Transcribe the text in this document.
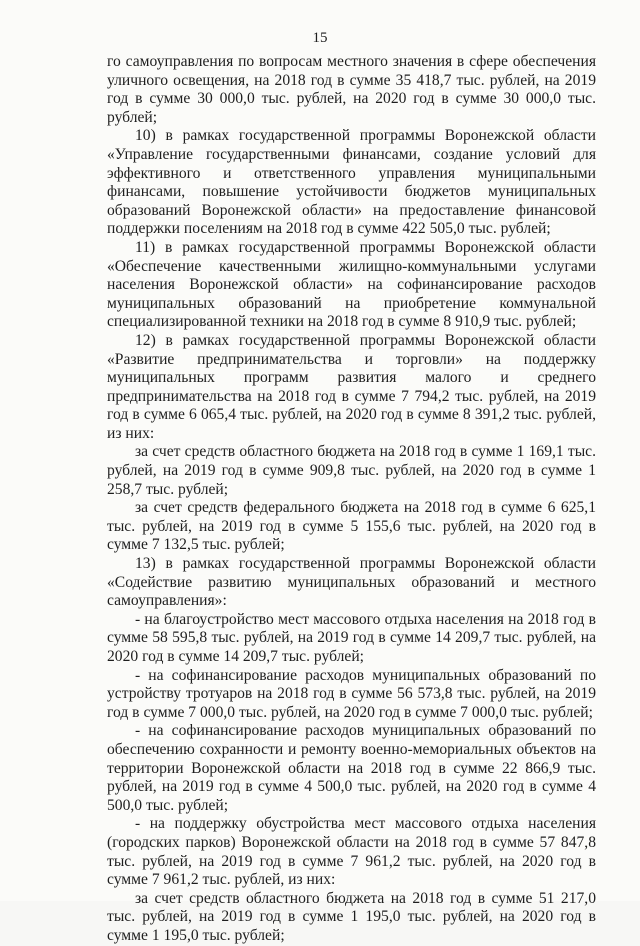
15

го самоуправления по вопросам местного значения в сфере обеспечения уличного освещения, на 2018 год в сумме 35 418,7 тыс. рублей, на 2019 год в сумме 30 000,0 тыс. рублей, на 2020 год в сумме 30 000,0 тыс. рублей;

10) в рамках государственной программы Воронежской области «Управление государственными финансами, создание условий для эффективного и ответственного управления муниципальными финансами, повышение устойчивости бюджетов муниципальных образований Воронежской области» на предоставление финансовой поддержки поселениям на 2018 год в сумме 422 505,0 тыс. рублей;

11) в рамках государственной программы Воронежской области «Обеспечение качественными жилищно-коммунальными услугами населения Воронежской области» на софинансирование расходов муниципальных образований на приобретение коммунальной специализированной техники на 2018 год в сумме 8 910,9 тыс. рублей;

12) в рамках государственной программы Воронежской области «Развитие предпринимательства и торговли» на поддержку муниципальных программ развития малого и среднего предпринимательства на 2018 год в сумме 7 794,2 тыс. рублей, на 2019 год в сумме 6 065,4 тыс. рублей, на 2020 год в сумме 8 391,2 тыс. рублей, из них:

за счет средств областного бюджета на 2018 год в сумме 1 169,1 тыс. рублей, на 2019 год в сумме 909,8 тыс. рублей, на 2020 год в сумме 1 258,7 тыс. рублей;

за счет средств федерального бюджета на 2018 год в сумме 6 625,1 тыс. рублей, на 2019 год в сумме 5 155,6 тыс. рублей, на 2020 год в сумме 7 132,5 тыс. рублей;

13) в рамках государственной программы Воронежской области «Содействие развитию муниципальных образований и местного самоуправления»:

- на благоустройство мест массового отдыха населения на 2018 год в сумме 58 595,8 тыс. рублей, на 2019 год в сумме 14 209,7 тыс. рублей, на 2020 год в сумме 14 209,7 тыс. рублей;

- на софинансирование расходов муниципальных образований по устройству тротуаров на 2018 год в сумме 56 573,8 тыс. рублей, на 2019 год в сумме 7 000,0 тыс. рублей, на 2020 год в сумме 7 000,0 тыс. рублей;

- на софинансирование расходов муниципальных образований по обеспечению сохранности и ремонту военно-мемориальных объектов на территории Воронежской области на 2018 год в сумме 22 866,9 тыс. рублей, на 2019 год в сумме 4 500,0 тыс. рублей, на 2020 год в сумме 4 500,0 тыс. рублей;

- на поддержку обустройства мест массового отдыха населения (городских парков) Воронежской области на 2018 год в сумме 57 847,8 тыс. рублей, на 2019 год в сумме 7 961,2 тыс. рублей, на 2020 год в сумме 7 961,2 тыс. рублей, из них:

за счет средств областного бюджета на 2018 год в сумме 51 217,0 тыс. рублей, на 2019 год в сумме 1 195,0 тыс. рублей, на 2020 год в сумме 1 195,0 тыс. рублей;
